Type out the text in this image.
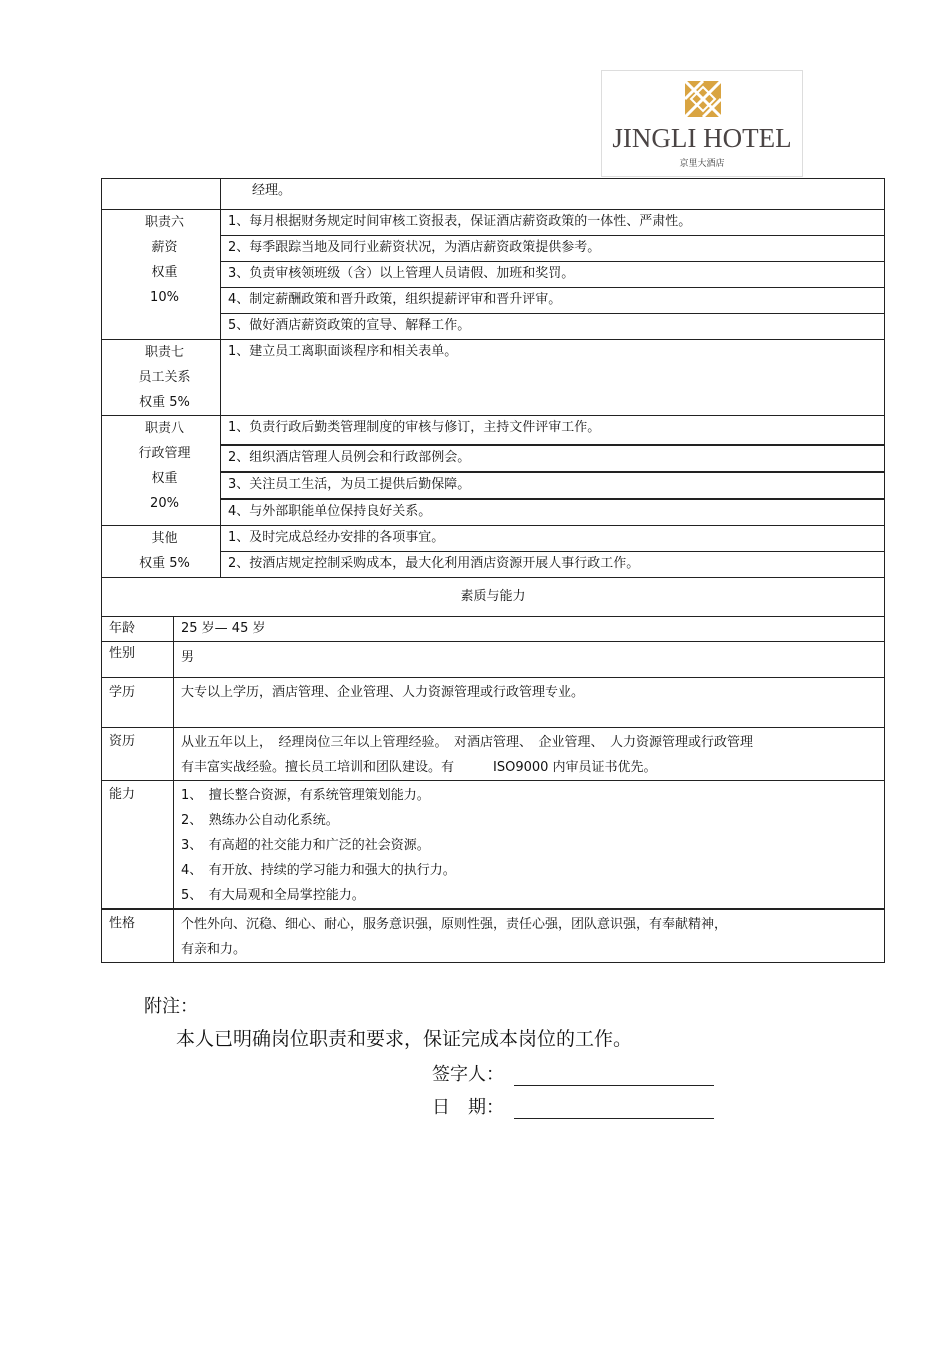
JINGLI HOTEL
京里大酒店
		经理。

职责六
薪资
权重
10%		1、每月根据财务规定时间审核工资报表，保证酒店薪资政策的一体性、严肃性。
		2、每季跟踪当地及同行业薪资状况，为酒店薪资政策提供参考。
		3、负责审核领班级（含）以上管理人员请假、加班和奖罚。
		4、制定薪酬政策和晋升政策，组织提薪评审和晋升评审。
		5、做好酒店薪资政策的宣导、解释工作。

职责七
员工关系
权重 5%		1、建立员工离职面谈程序和相关表单。

职责八
行政管理
权重
20%		1、负责行政后勤类管理制度的审核与修订，主持文件评审工作。
		2、组织酒店管理人员例会和行政部例会。
		3、关注员工生活，为员工提供后勤保障。
		4、与外部职能单位保持良好关系。

其他
权重 5%		1、及时完成总经办安排的各项事宜。
		2、按酒店规定控制采购成本，最大化利用酒店资源开展人事行政工作。
素质与能力		
年龄	25 岁— 45 岁	
性别	男	
学历	大专以上学历，酒店管理、企业管理、人力资源管理或行政管理专业。	
资历	从业五年以上，　经理岗位三年以上管理经验。　对酒店管理、　企业管理、　人力资源管理或行政管理
有丰富实战经验。擅长员工培训和团队建设。有　　　ISO9000 内审员证书优先。	

能力	1、　擅长整合资源，有系统管理策划能力。
2、　熟练办公自动化系统。
3、　有高超的社交能力和广泛的社会资源。
4、　有开放、持续的学习能力和强大的执行力。
5、　有大局观和全局掌控能力。	

性格	个性外向、沉稳、细心、耐心，服务意识强，原则性强，责任心强，团队意识强，有奉献精神，
有亲和力。	
附注：
本人已明确岗位职责和要求，保证完成本岗位的工作。
签字人：
日　期：
